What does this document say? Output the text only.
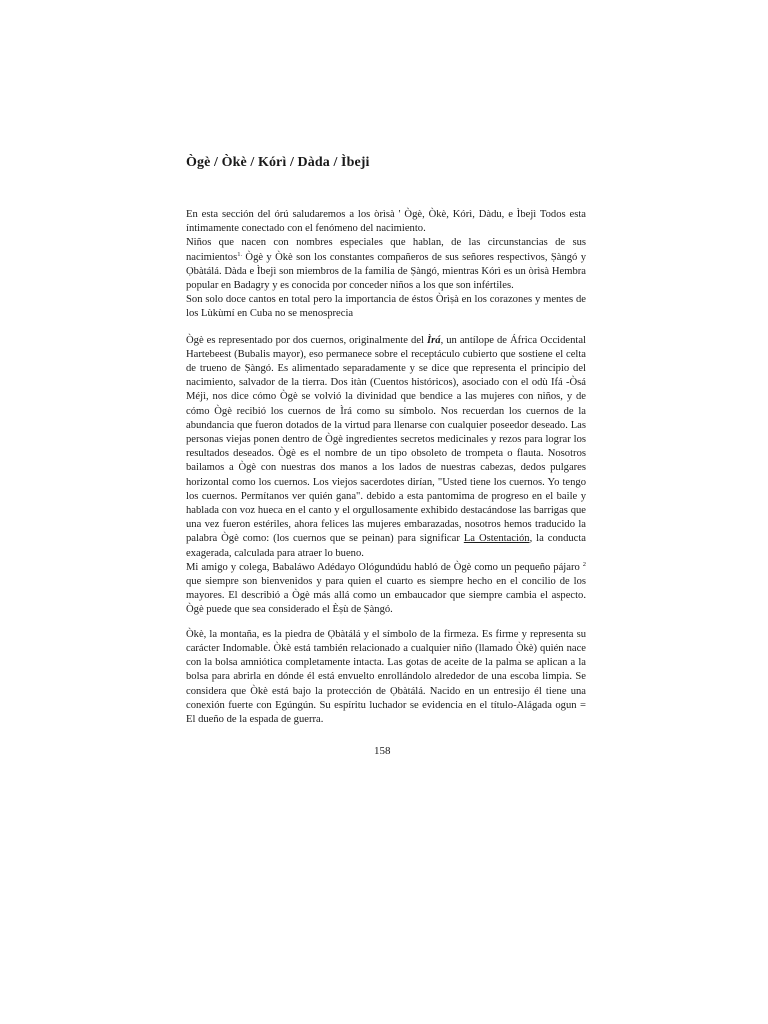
Ògè / Òkè / Kórì / Dàda / Ìbeji

En esta sección del órú saludaremos a los òrìsà ' Ògè, Òkè, Kórì, Dàdu, e Ìbejì Todos esta íntimamente conectado con el fenómeno del nacimiento.

Niños que nacen con nombres especiales que hablan, de las circunstancias de sus nacimientos$^{1.}$ Ògè y Òkè son los constantes compañeros de sus señores respectivos, Ṣàngó y Ọbàtálá. Dàda e Ìbejì son miembros de la familia de Ṣàngó, mientras Kórì es un òrìsà Hembra popular en Badagry y es conocida por conceder niños a los que son infértiles.

Son solo doce cantos en total pero la importancia de éstos Òrìṣà en los corazones y mentes de los Lùkùmí en Cuba no se menosprecia

Ògè es representado por dos cuernos, originalmente del Ìrá, un antílope de África Occidental Hartebeest (Bubalis mayor), eso permanece sobre el receptáculo cubierto que sostiene el celta de trueno de Ṣàngó. Es alimentado separadamente y se dice que representa el principio del nacimiento, salvador de la tierra. Dos itàn (Cuentos históricos), asociado con el odù Ifá -Òsá Méjì, nos dice cómo Ògè se volvió la divinidad que bendice a las mujeres con niños, y de cómo Ògè recibió los cuernos de Ìrá como su símbolo. Nos recuerdan los cuernos de la abundancia que fueron dotados de la virtud para llenarse con cualquier poseedor deseado. Las personas viejas ponen dentro de Ògè ingredientes secretos medicinales y rezos para lograr los resultados deseados. Ògè es el nombre de un tipo obsoleto de trompeta o flauta. Nosotros bailamos a Ògè con nuestras dos manos a los lados de nuestras cabezas, dedos pulgares horizontal como los cuernos. Los viejos sacerdotes dirían, "Usted tiene los cuernos. Yo tengo los cuernos. Permítanos ver quién gana". debido a esta pantomima de progreso en el baile y hablada con voz hueca en el canto y el orgullosamente exhibido destacándose las barrigas que una vez fueron estériles, ahora felices las mujeres embarazadas, nosotros hemos traducido la palabra Ògè como: (los cuernos que se peinan) para significar La Ostentación, la conducta exagerada, calculada para atraer lo bueno.

Mi amigo y colega, Babaláwo Adédayo Ológundúdu habló de Ògè como un pequeño pájaro $^2$ que siempre son bienvenidos y para quien el cuarto es siempre hecho en el concilio de los mayores. El describió a Ògè más allá como un embaucador que siempre cambia el aspecto. Ògè puede que sea considerado el Èṣù de Ṣàngó.

Òkè, la montaña, es la piedra de Ọbàtálá y el símbolo de la firmeza. Es firme y representa su carácter Indomable. Òkè está también relacionado a cualquier niño (llamado Òkè) quién nace con la bolsa amniótica completamente intacta. Las gotas de aceite de la palma se aplican a la bolsa para abrirla en dónde él está envuelto enrollándolo alrededor de una escoba limpia. Se considera que Òkè está bajo la protección de Ọbàtálá. Nacido en un entresijo él tiene una conexión fuerte con Egúngún. Su espíritu luchador se evidencia en el título-Alágada ogun = El dueño de la espada de guerra.

158
